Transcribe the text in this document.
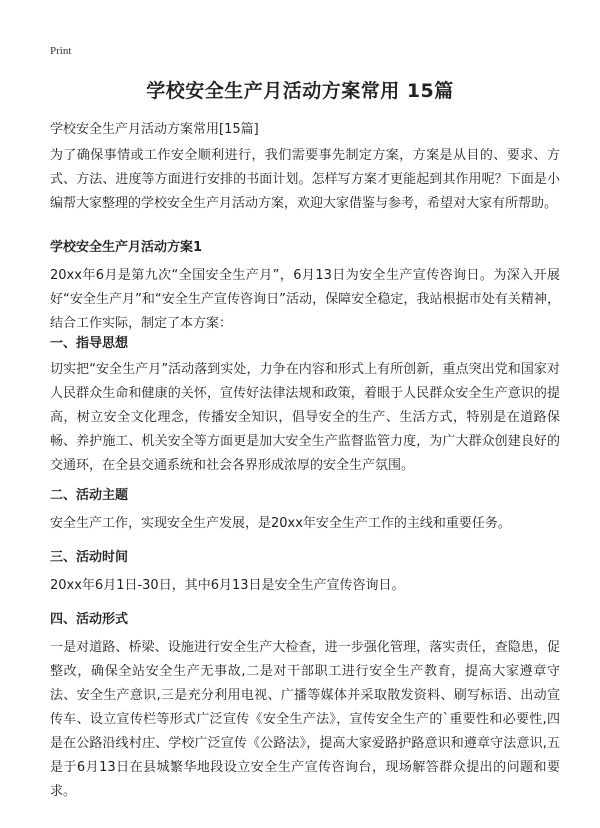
Print
学校安全生产月活动方案常用 15篇

学校安全生产月活动方案常用[15篇]

为了确保事情或工作安全顺利进行，我们需要事先制定方案，方案是从目的、要求、方式、方法、进度等方面进行安排的书面计划。怎样写方案才更能起到其作用呢？下面是小编帮大家整理的学校安全生产月活动方案，欢迎大家借鉴与参考，希望对大家有所帮助。

学校安全生产月活动方案1

20xx年6月是第九次“全国安全生产月”，6月13日为安全生产宣传咨询日。为深入开展好“安全生产月”和“安全生产宣传咨询日”活动，保障安全稳定，我站根据市处有关精神，结合工作实际，制定了本方案：

一、指导思想

切实把“安全生产月”活动落到实处，力争在内容和形式上有所创新，重点突出党和国家对人民群众生命和健康的关怀，宣传好法律法规和政策，着眼于人民群众安全生产意识的提高，树立安全文化理念，传播安全知识，倡导安全的生产、生活方式，特别是在道路保畅、养护施工、机关安全等方面更是加大安全生产监督监管力度，为广大群众创建良好的交通环，在全县交通系统和社会各界形成浓厚的安全生产氛围。

二、活动主题

安全生产工作，实现安全生产发展，是20xx年安全生产工作的主线和重要任务。

三、活动时间

20xx年6月1日-30日，其中6月13日是安全生产宣传咨询日。

四、活动形式

一是对道路、桥梁、设施进行安全生产大检查，进一步强化管理，落实责任，查隐患，促整改，确保全站安全生产无事故,二是对干部职工进行安全生产教育，提高大家遵章守法、安全生产意识,三是充分利用电视、广播等媒体并采取散发资料、刷写标语、出动宣传车、设立宣传栏等形式广泛宣传《安全生产法》，宣传安全生产的`重要性和必要性,四是在公路沿线村庄、学校广泛宣传《公路法》，提高大家爱路护路意识和遵章守法意识,五是于6月13日在县城繁华地段设立安全生产宣传咨询台，现场解答群众提出的问题和要求。
